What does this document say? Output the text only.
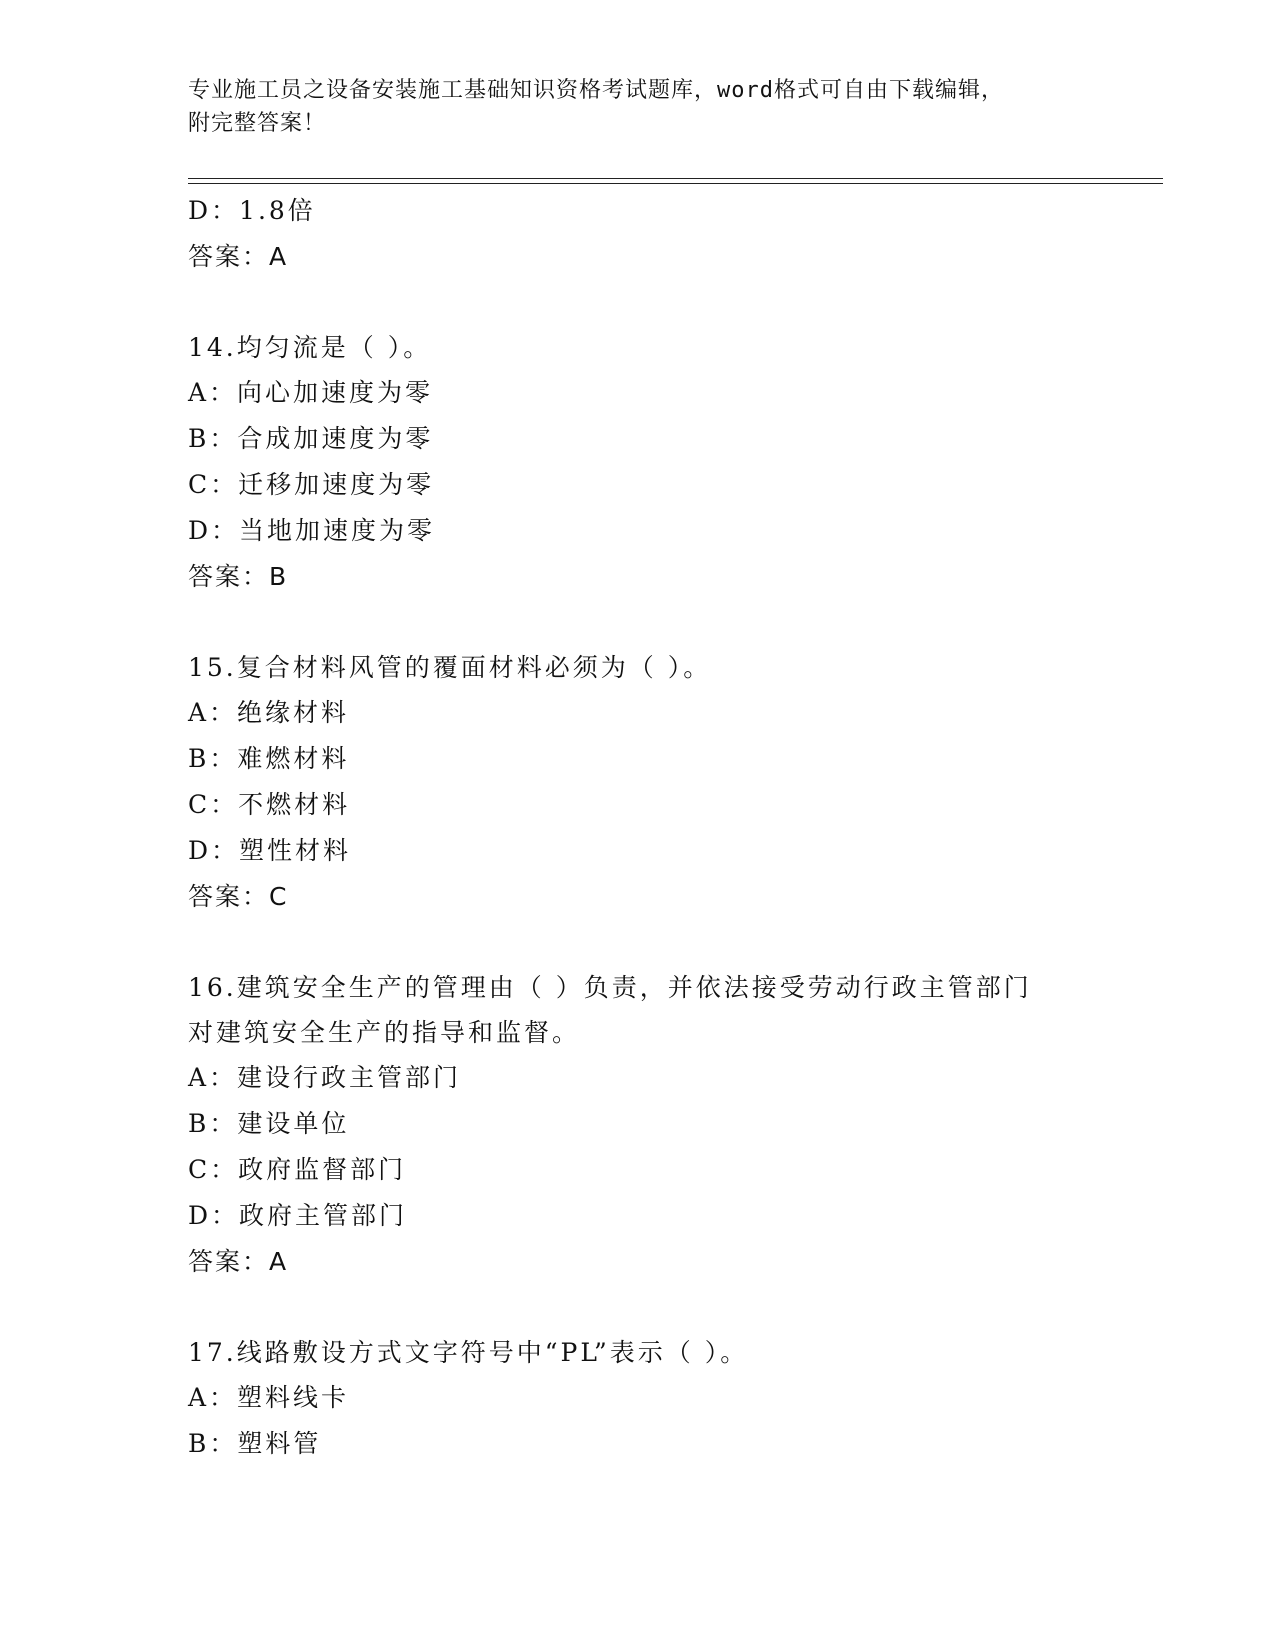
专业施工员之设备安装施工基础知识资格考试题库，word格式可自由下载编辑，
附完整答案！
D：1.8倍
答案：A
14.均匀流是（ ）。
A：向心加速度为零
B：合成加速度为零
C：迁移加速度为零
D：当地加速度为零
答案：B
15.复合材料风管的覆面材料必须为（ ）。
A：绝缘材料
B：难燃材料
C：不燃材料
D：塑性材料
答案：C
16.建筑安全生产的管理由（ ）负责，并依法接受劳动行政主管部门
对建筑安全生产的指导和监督。
A：建设行政主管部门
B：建设单位
C：政府监督部门
D：政府主管部门
答案：A
17.线路敷设方式文字符号中“PL”表示（ ）。
A：塑料线卡
B：塑料管
